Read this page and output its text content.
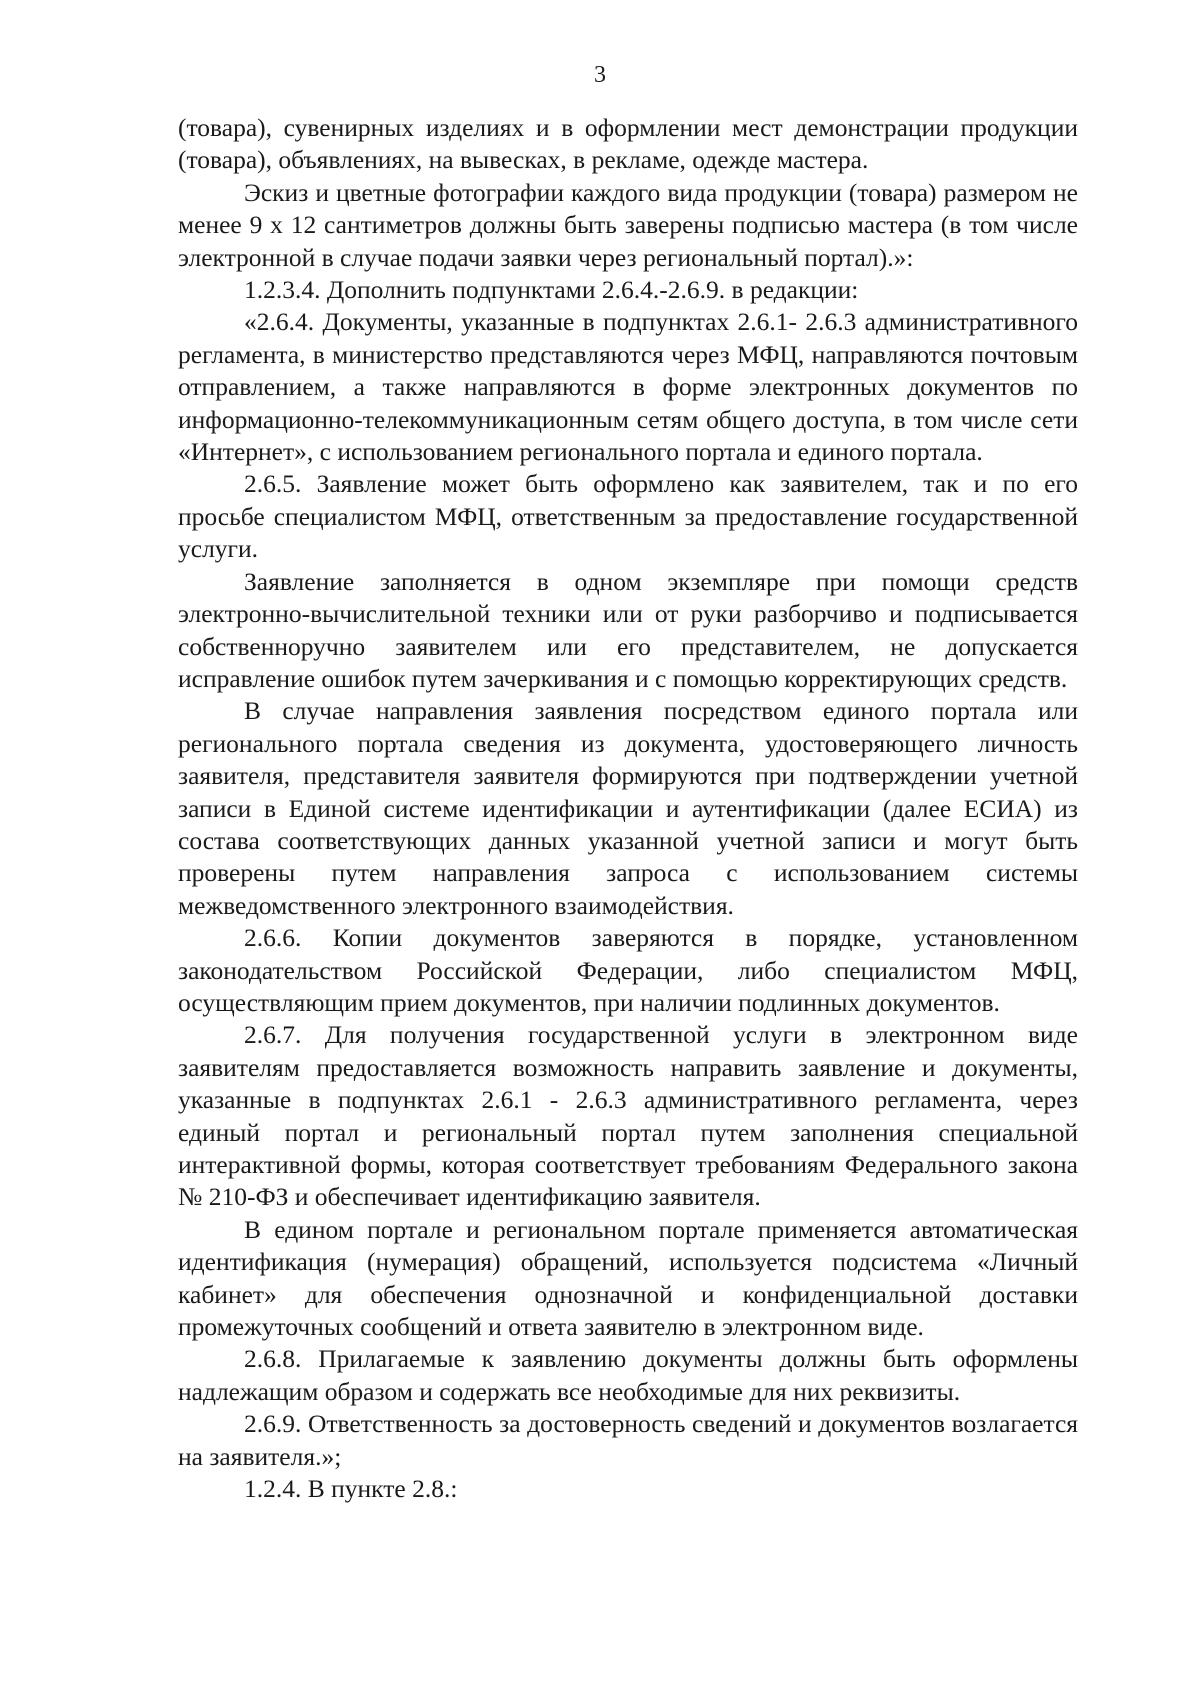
3

(товара), сувенирных изделиях и в оформлении мест демонстрации продукции (товара), объявлениях, на вывесках, в рекламе, одежде мастера.

Эскиз и цветные фотографии каждого вида продукции (товара) размером не менее 9 х 12 сантиметров должны быть заверены подписью мастера (в том числе электронной в случае подачи заявки через региональный портал).»:

1.2.3.4. Дополнить подпунктами 2.6.4.-2.6.9. в редакции:

«2.6.4. Документы, указанные в подпунктах 2.6.1- 2.6.3 административного регламента, в министерство представляются через МФЦ, направляются почтовым отправлением, а также направляются в форме электронных документов по информационно-телекоммуникационным сетям общего доступа, в том числе сети «Интернет», с использованием регионального портала и единого портала.

2.6.5. Заявление может быть оформлено как заявителем, так и по его просьбе специалистом МФЦ, ответственным за предоставление государственной услуги.

Заявление заполняется в одном экземпляре при помощи средств электронно-вычислительной техники или от руки разборчиво и подписывается собственноручно заявителем или его представителем, не допускается исправление ошибок путем зачеркивания и с помощью корректирующих средств.

В случае направления заявления посредством единого портала или регионального портала сведения из документа, удостоверяющего личность заявителя, представителя заявителя формируются при подтверждении учетной записи в Единой системе идентификации и аутентификации (далее ЕСИА) из состава соответствующих данных указанной учетной записи и могут быть проверены путем направления запроса с использованием системы межведомственного электронного взаимодействия.

2.6.6. Копии документов заверяются в порядке, установленном законодательством Российской Федерации, либо специалистом МФЦ, осуществляющим прием документов, при наличии подлинных документов.

2.6.7. Для получения государственной услуги в электронном виде заявителям предоставляется возможность направить заявление и документы, указанные в подпунктах 2.6.1 - 2.6.3 административного регламента, через единый портал и региональный портал путем заполнения специальной интерактивной формы, которая соответствует требованиям Федерального закона № 210-ФЗ и обеспечивает идентификацию заявителя.

В едином портале и региональном портале применяется автоматическая идентификация (нумерация) обращений, используется подсистема «Личный кабинет» для обеспечения однозначной и конфиденциальной доставки промежуточных сообщений и ответа заявителю в электронном виде.

2.6.8. Прилагаемые к заявлению документы должны быть оформлены надлежащим образом и содержать все необходимые для них реквизиты.

2.6.9. Ответственность за достоверность сведений и документов возлагается на заявителя.»;

1.2.4. В пункте 2.8.:
